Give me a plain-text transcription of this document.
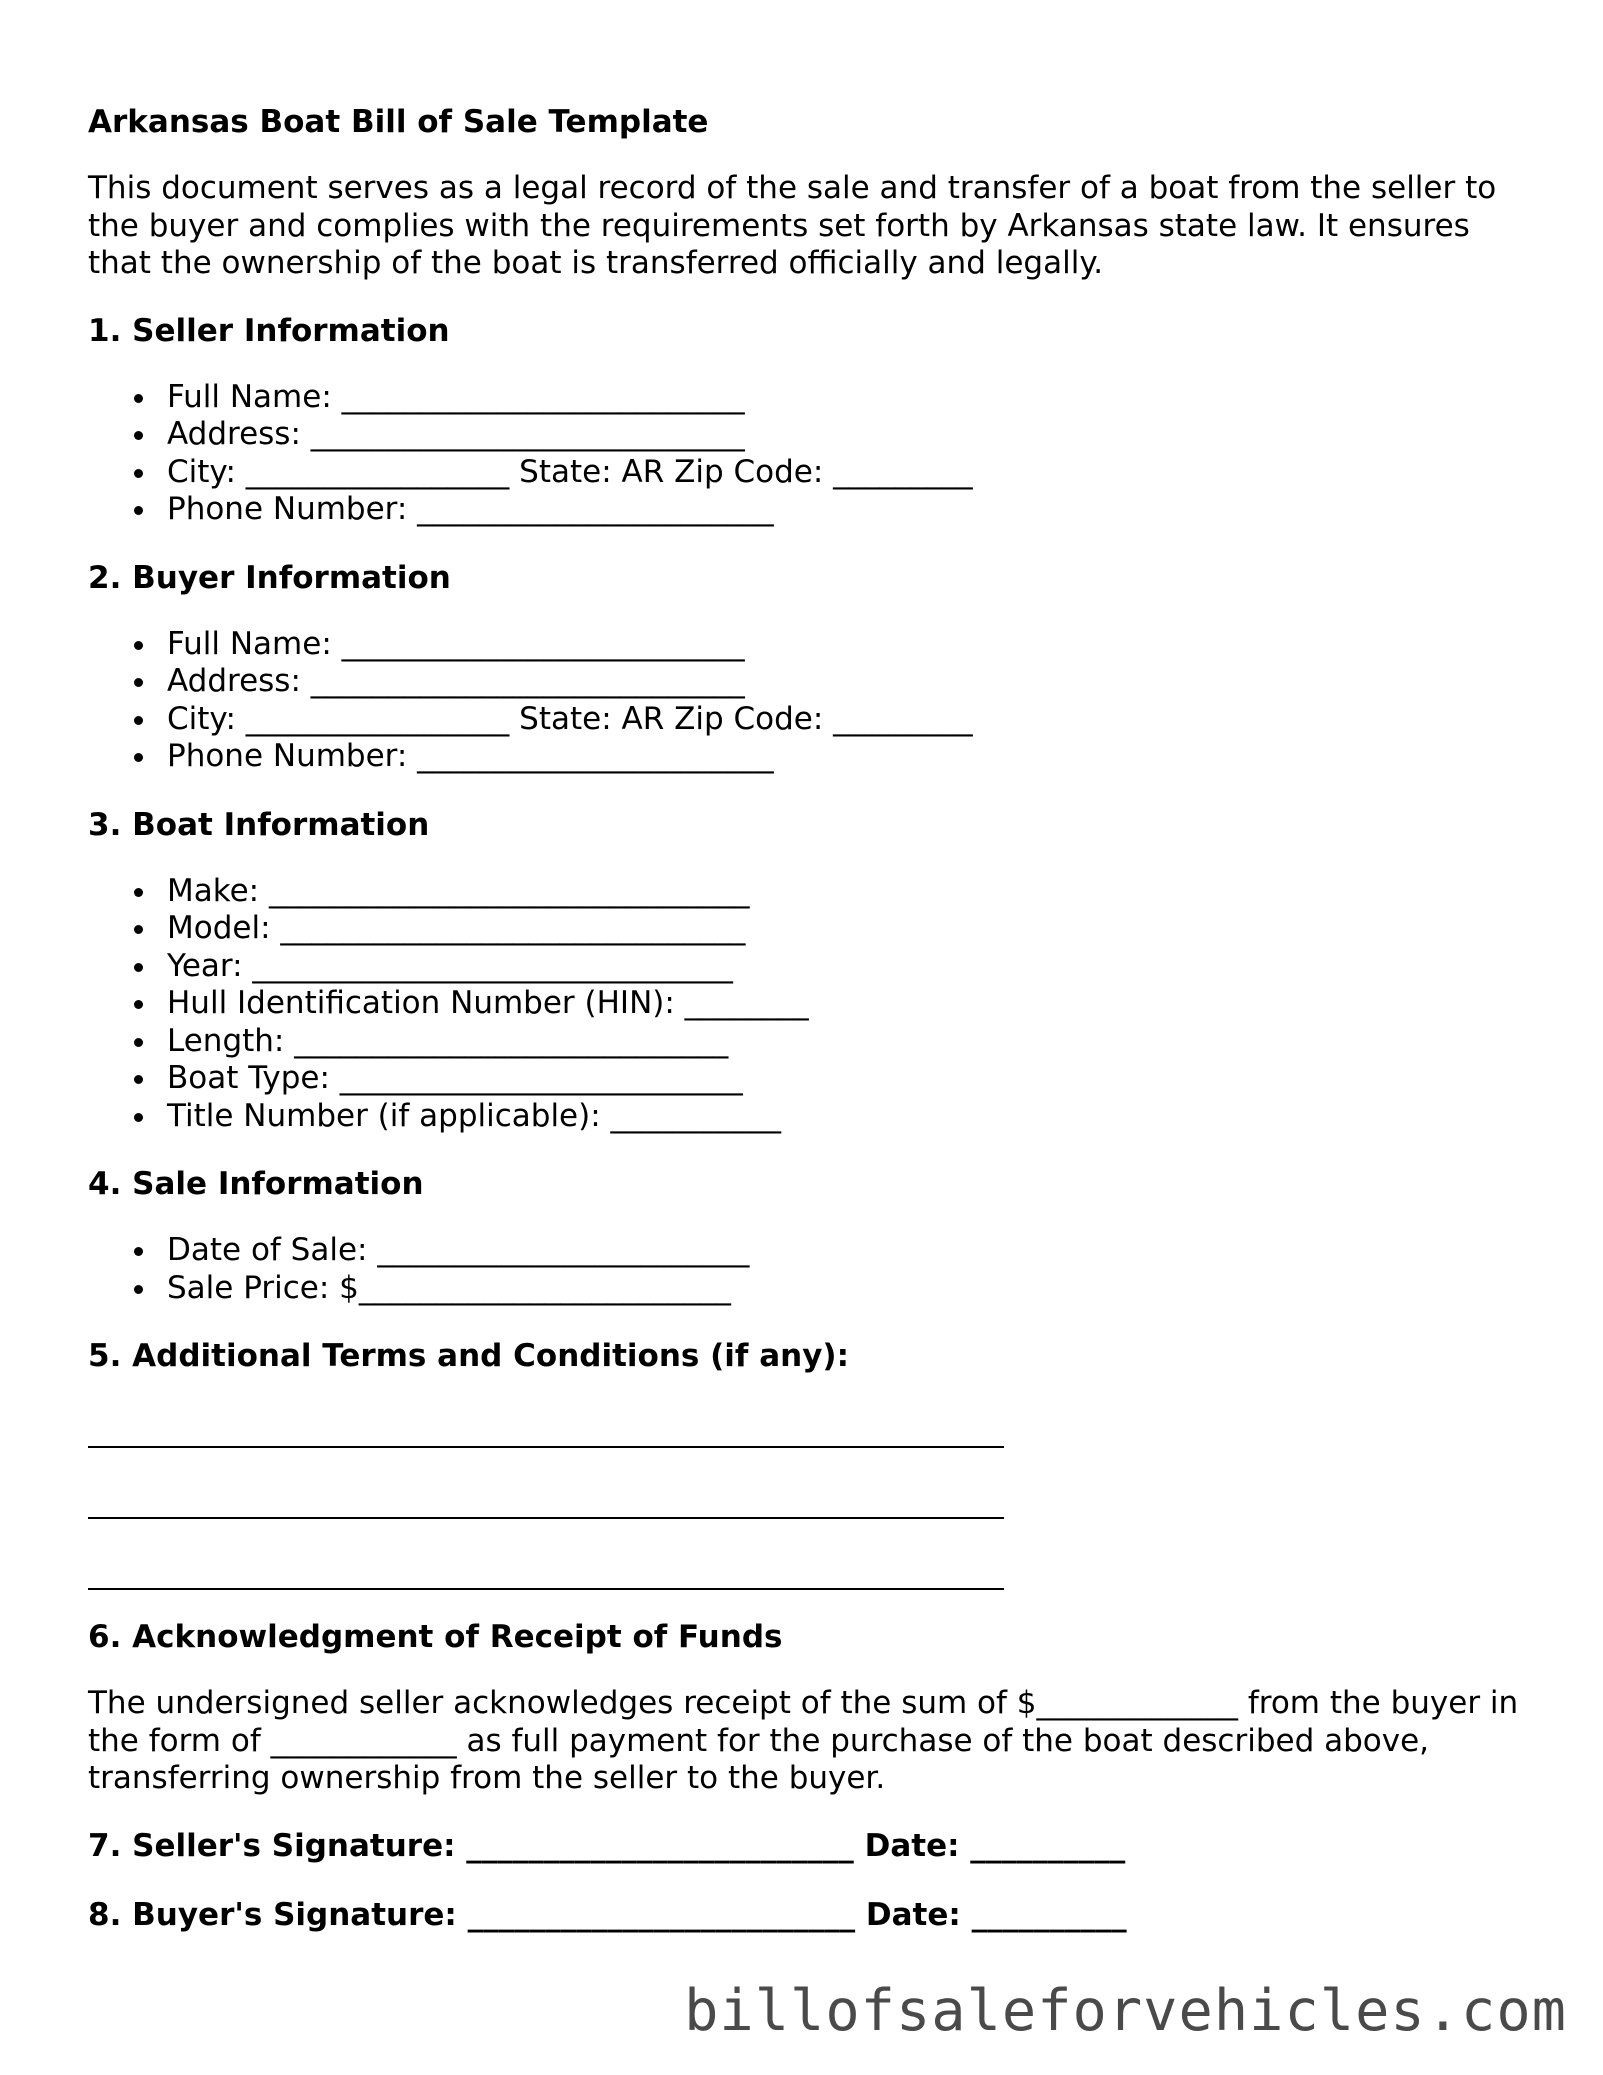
Arkansas Boat Bill of Sale Template
This document serves as a legal record of the sale and transfer of a boat from the seller to the buyer and complies with the requirements set forth by Arkansas state law. It ensures that the ownership of the boat is transferred officially and legally.
1. Seller Information
Full Name: __________________________
Address: ____________________________
City: _________________ State: AR Zip Code: _________
Phone Number: _______________________
2. Buyer Information
Full Name: __________________________
Address: ____________________________
City: _________________ State: AR Zip Code: _________
Phone Number: _______________________
3. Boat Information
Make: _______________________________
Model: ______________________________
Year: _______________________________
Hull Identification Number (HIN): ________
Length: ____________________________
Boat Type: __________________________
Title Number (if applicable): ___________
4. Sale Information
Date of Sale: ________________________
Sale Price: $________________________
5. Additional Terms and Conditions (if any):
6. Acknowledgment of Receipt of Funds
The undersigned seller acknowledges receipt of the sum of $_____________ from the buyer in the form of ____________ as full payment for the purchase of the boat described above, transferring ownership from the seller to the buyer.
7. Seller's Signature: _________________________ Date: __________
8. Buyer's Signature: _________________________ Date: __________
billofsaleforvehicles.com
